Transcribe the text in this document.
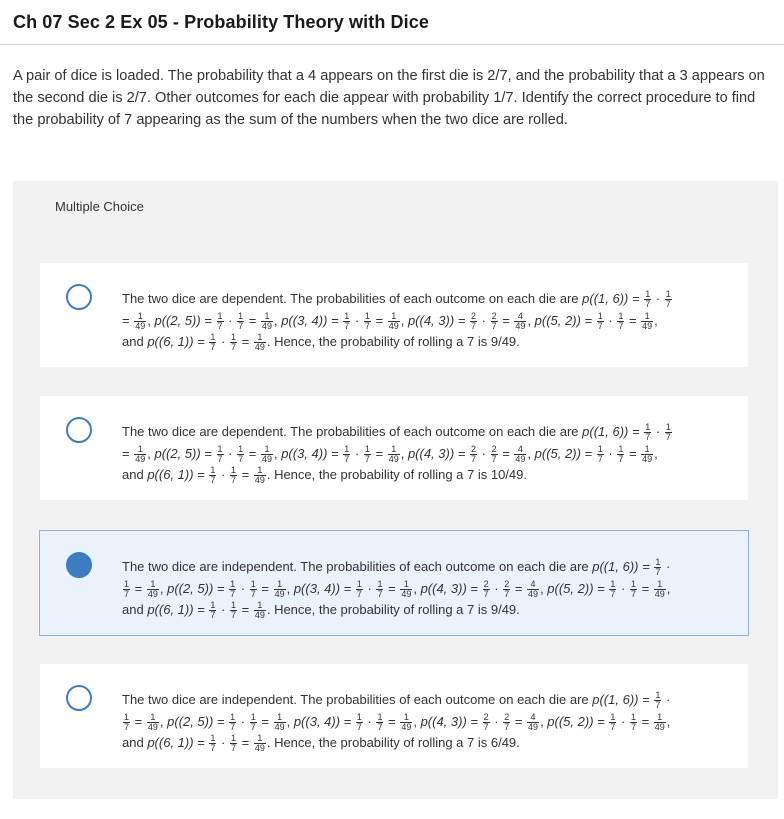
Ch 07 Sec 2 Ex 05 - Probability Theory with Dice
A pair of dice is loaded. The probability that a 4 appears on the first die is 2/7, and the probability that a 3 appears on the second die is 2/7. Other outcomes for each die appear with probability 1/7. Identify the correct procedure to find the probability of 7 appearing as the sum of the numbers when the two dice are rolled.
Multiple Choice
The two dice are dependent. The probabilities of each outcome on each die are p((1, $6)) = \frac{1}{7} \cdot \frac{1}{7}$
= $\frac{1}{49}$ , p((2, $5)) = \frac{1}{7} \cdot \frac{1}{7} = \frac{1}{49}$ , p((3, $4)) = \frac{1}{7} \cdot \frac{1}{7} = \frac{1}{49}$ , p((4, $3)) = \frac{2}{7} \cdot \frac{2}{7} = \frac{4}{49}$ , p((5, $2)) = \frac{1}{7} \cdot \frac{1}{7} = \frac{1}{49}$ , and p((6, $1)) = \frac{1}{7} \cdot \frac{1}{7} = \frac{1}{49}$ . Hence, the probability of rolling a 7 is 9/49.
The two dice are dependent. The probabilities of each outcome on each die are p((1, $6)) = \frac{1}{7} \cdot \frac{1}{7}$
= $\frac{1}{49}$ , p((2, $5)) = \frac{1}{7} \cdot \frac{1}{7} = \frac{1}{49}$ , p((3, $4)) = \frac{1}{7} \cdot \frac{1}{7} = \frac{1}{49}$ , p((4, $3)) = \frac{2}{7} \cdot \frac{2}{7} = \frac{4}{49}$ , p((5, $2)) = \frac{1}{7} \cdot \frac{1}{7} = \frac{1}{49}$ , and p((6, $1)) = \frac{1}{7} \cdot \frac{1}{7} = \frac{1}{49}$ . Hence, the probability of rolling a 7 is 10/49.
The two dice are independent. The probabilities of each outcome on each die are p((1, $6)) = \frac{1}{7}$ ·
$\frac{1}{7} = \frac{1}{49}$ , p((2, $5)) = \frac{1}{7} \cdot \frac{1}{7} = \frac{1}{49}$ , p((3, $4)) = \frac{1}{7} \cdot \frac{1}{7} = \frac{1}{49}$ , p((4, $3)) = \frac{2}{7} \cdot \frac{2}{7} = \frac{4}{49}$ , p((5, $2)) = \frac{1}{7} \cdot \frac{1}{7} = \frac{1}{49}$ , and p((6, $1)) = \frac{1}{7} \cdot \frac{1}{7} = \frac{1}{49}$ . Hence, the probability of rolling a 7 is 9/49.
The two dice are independent. The probabilities of each outcome on each die are p((1, $6)) = \frac{1}{7}$ ·
$\frac{1}{7} = \frac{1}{49}$ , p((2, $5)) = \frac{1}{7} \cdot \frac{1}{7} = \frac{1}{49}$ , p((3, $4)) = \frac{1}{7} \cdot \frac{1}{7} = \frac{1}{49}$ , p((4, $3)) = \frac{2}{7} \cdot \frac{2}{7} = \frac{4}{49}$ , p((5, $2)) = \frac{1}{7} \cdot \frac{1}{7} = \frac{1}{49}$ , and p((6, $1)) = \frac{1}{7} \cdot \frac{1}{7} = \frac{1}{49}$ . Hence, the probability of rolling a 7 is 6/49.
